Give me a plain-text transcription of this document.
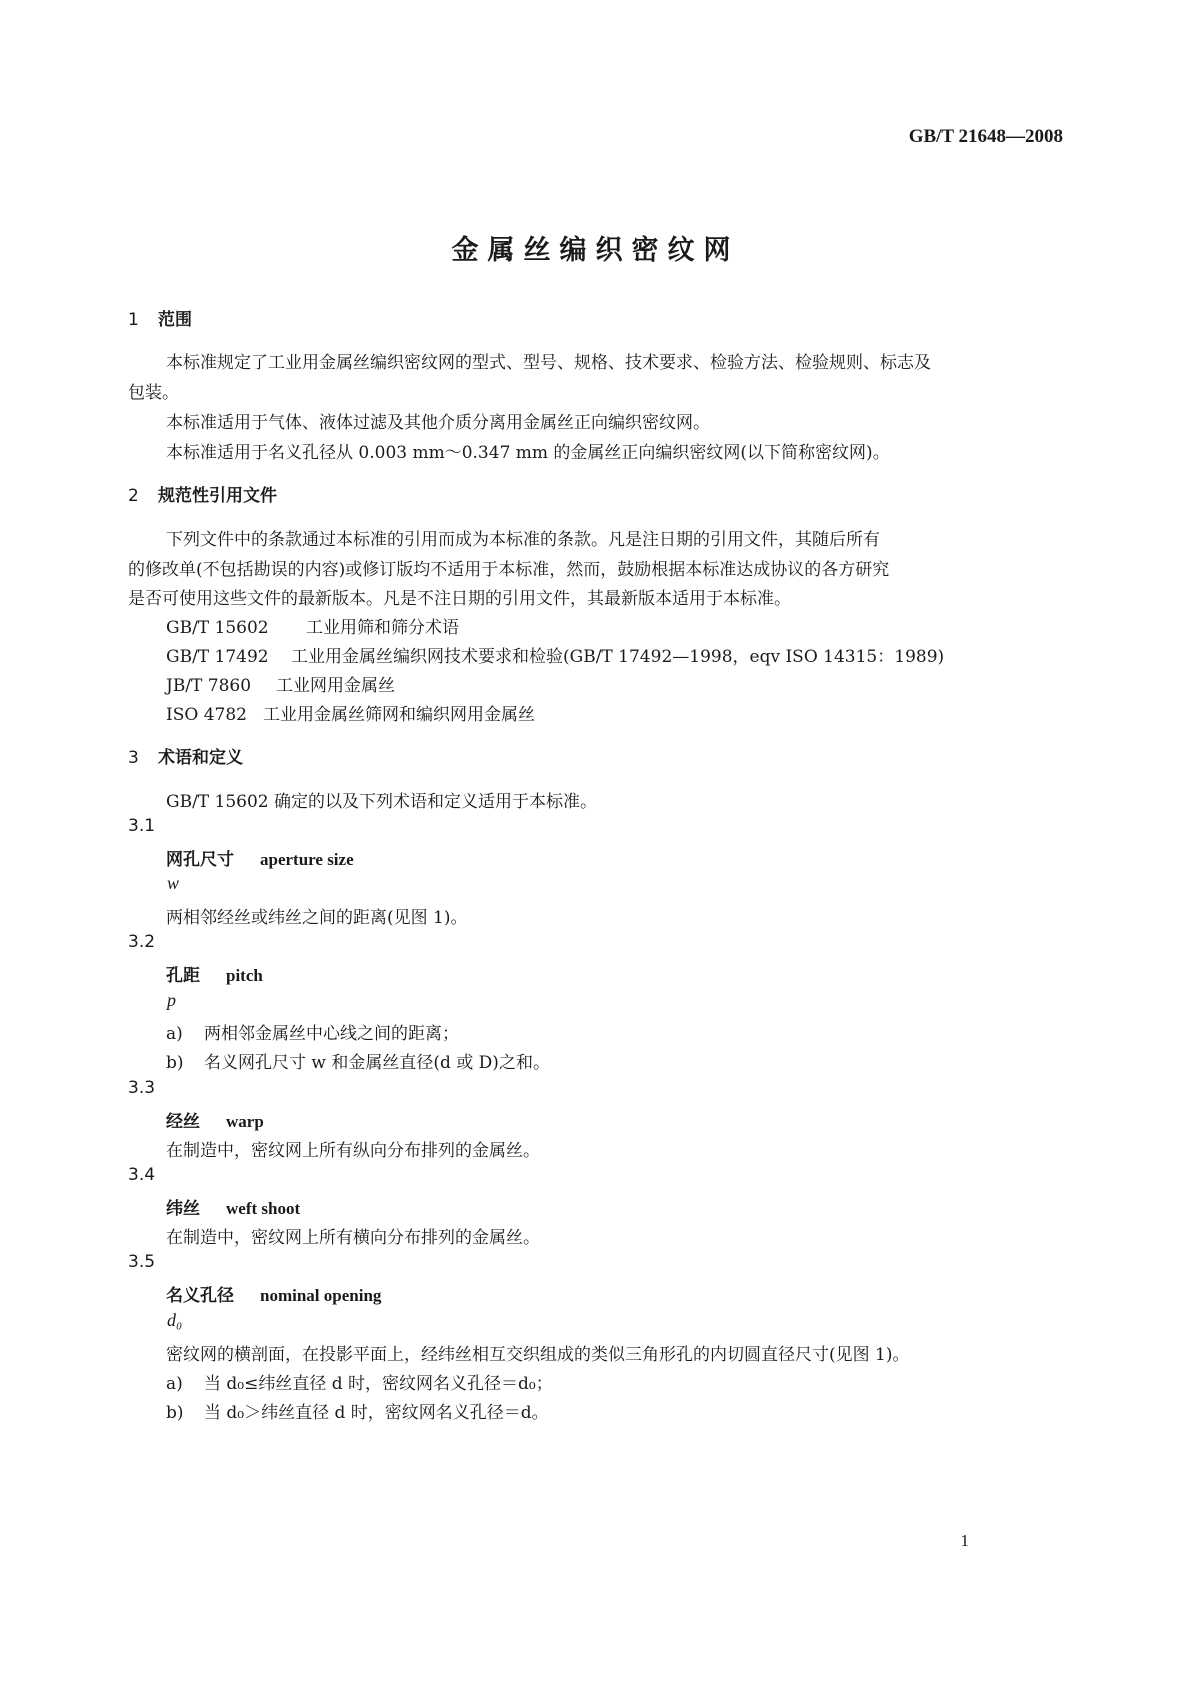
GB/T 21648—2008
金属丝编织密纹网
1 范围
本标准规定了工业用金属丝编织密纹网的型式、型号、规格、技术要求、检验方法、检验规则、标志及
包装。
本标准适用于气体、液体过滤及其他介质分离用金属丝正向编织密纹网。
本标准适用于名义孔径从 0.003 mm～0.347 mm 的金属丝正向编织密纹网(以下简称密纹网)。
2 规范性引用文件
下列文件中的条款通过本标准的引用而成为本标准的条款。凡是注日期的引用文件，其随后所有
的修改单(不包括勘误的内容)或修订版均不适用于本标准，然而，鼓励根据本标准达成协议的各方研究
是否可使用这些文件的最新版本。凡是不注日期的引用文件，其最新版本适用于本标准。
GB/T 15602 工业用筛和筛分术语
GB/T 17492 工业用金属丝编织网技术要求和检验(GB/T 17492—1998，eqv ISO 14315：1989)
JB/T 7860 工业网用金属丝
ISO 4782 工业用金属丝筛网和编织网用金属丝
3 术语和定义
GB/T 15602 确定的以及下列术语和定义适用于本标准。
3.1
网孔尺寸 aperture size
w
两相邻经丝或纬丝之间的距离(见图 1)。
3.2
孔距 pitch
p
a) 两相邻金属丝中心线之间的距离；
b) 名义网孔尺寸 w 和金属丝直径(d 或 D)之和。
3.3
经丝 warp
在制造中，密纹网上所有纵向分布排列的金属丝。
3.4
纬丝 weft shoot
在制造中，密纹网上所有横向分布排列的金属丝。
3.5
名义孔径 nominal opening
d₀
密纹网的横剖面，在投影平面上，经纬丝相互交织组成的类似三角形孔的内切圆直径尺寸(见图 1)。
a) 当 d₀≤纬丝直径 d 时，密纹网名义孔径＝d₀；
b) 当 d₀＞纬丝直径 d 时，密纹网名义孔径＝d。
1
